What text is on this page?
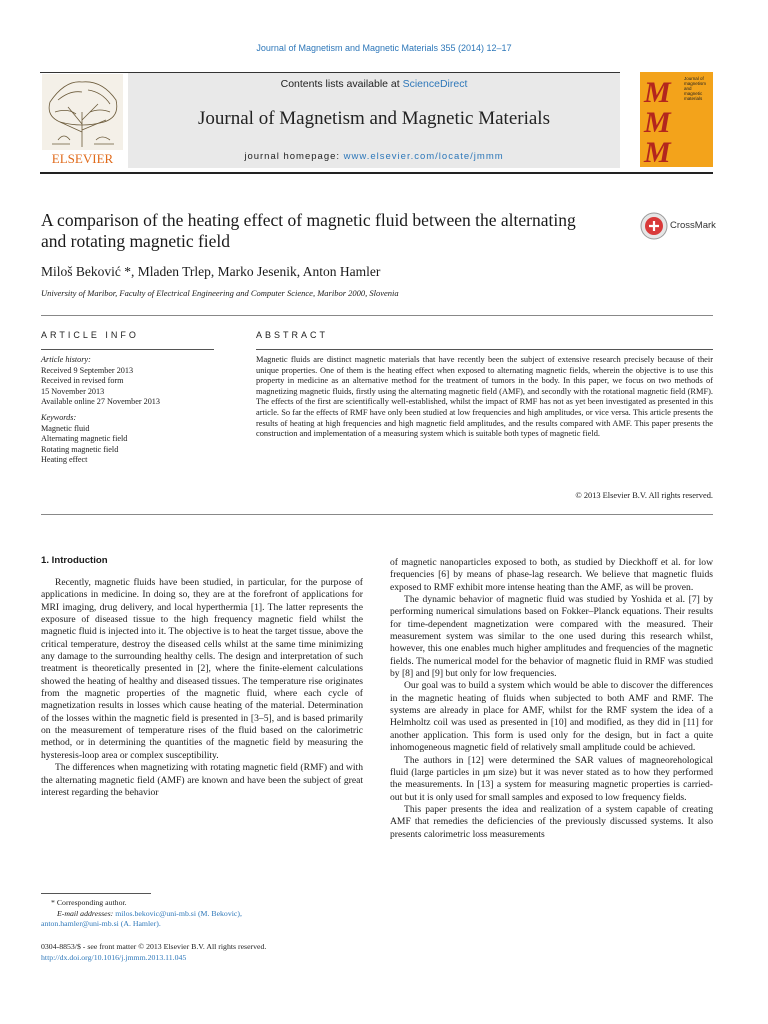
Journal of Magnetism and Magnetic Materials 355 (2014) 12–17
ELSEVIER
Contents lists available at ScienceDirect
Journal of Magnetism and Magnetic Materials
journal homepage: www.elsevier.com/locate/jmmm
M
M
M
Journal of magnetism and magnetic materials
A comparison of the heating effect of magnetic fluid between the alternating and rotating magnetic field
CrossMark
Miloš Beković *, Mladen Trlep, Marko Jesenik, Anton Hamler
University of Maribor, Faculty of Electrical Engineering and Computer Science, Maribor 2000, Slovenia
ARTICLE INFO
Article history:
Received 9 September 2013
Received in revised form
15 November 2013
Available online 27 November 2013
Keywords:
Magnetic fluid
Alternating magnetic field
Rotating magnetic field
Heating effect
ABSTRACT
Magnetic fluids are distinct magnetic materials that have recently been the subject of extensive research precisely because of their unique properties. One of them is the heating effect when exposed to alternating magnetic fields, wherein the objective is to use this property in medicine as an alternative method for the treatment of tumors in the body. In this paper, we focus on two methods of magnetizing magnetic fluids, firstly using the alternating magnetic field (AMF), and secondly with the rotational magnetic field (RMF). The effects of the first are scientifically well-established, whilst the impact of RMF has not as yet been investigated as presented in this article. So far the effects of RMF have only been studied at low frequencies and high amplitudes, or vice versa. This article presents the results of heating at high frequencies and high magnetic field amplitudes, and the results compared with AMF. This paper presents the construction and implementation of a measuring system which is suitable both types of magnetic field.
© 2013 Elsevier B.V. All rights reserved.
1. Introduction

Recently, magnetic fluids have been studied, in particular, for the purpose of applications in medicine. In doing so, they are at the forefront of applications for MRI imaging, drug delivery, and local hyperthermia [1]. The latter represents the exposure of diseased tissue to the high frequency magnetic field whilst the magnetic fluid is injected into it. The objective is to heat the target tissue, above the critical temperature, destroy the diseased cells whilst at the same time minimizing any damage to the surrounding healthy cells. The design and interpretation of such treatment is theoretically presented in [2], where the finite-element calculations showed the heating of healthy and diseased tissues. The temperature rise originates from the magnetic properties of the magnetic fluid, where each cycle of magnetization results in losses which cause heating of the material. Determination of the losses within the magnetic field is presented in [3–5], and is based primarily on the measurement of temperature rises of the fluid based on the calorimetric method, or in determining the quantities of the magnetic field by measuring the hysteresis-loop area or complex susceptibility.

The differences when magnetizing with rotating magnetic field (RMF) and with the alternating magnetic field (AMF) are known and have been the subject of great interest regarding the behavior

of magnetic nanoparticles exposed to both, as studied by Dieckhoff et al. for low frequencies [6] by means of phase-lag research. We believe that magnetic fluids exposed to RMF exhibit more intense heating than the AMF, as will be proven.

The dynamic behavior of magnetic fluid was studied by Yoshida et al. [7] by performing numerical simulations based on Fokker–Planck equations. Their results for time-dependent magnetization were compared with the measured. Their measurement system was similar to the one used during this research whilst, however, this one enables much higher amplitudes and frequencies of the magnetic fields. The numerical model for the behavior of magnetic fluid in RMF was studied by [8] and [9] but only for low frequencies.

Our goal was to build a system which would be able to discover the differences in the magnetic heating of fluids when subjected to both AMF and RMF. The systems are already in place for AMF, whilst for the RMF system the idea of a Helmholtz coil was used as presented in [10] and modified, as they did in [11] for another application. This form is used only for the design, but in fact a quite inhomogeneous magnetic field of relatively small amplitude could be achieved.

The authors in [12] were determined the SAR values of magneorehological fluid (large particles in μm size) but it was never stated as to how they performed the measurements. In [13] a system for measuring magnetic properties is carried-out but it is only used for small samples and exposed to low frequency fields.

This paper presents the idea and realization of a system capable of creating AMF that remedies the deficiencies of the previously discussed systems. It also presents calorimetric loss measurements

* Corresponding author.
E-mail addresses: milos.bekovic@uni-mb.si (M. Bekovic),
anton.hamler@uni-mb.si (A. Hamler).
0304-8853/$ - see front matter © 2013 Elsevier B.V. All rights reserved.
http://dx.doi.org/10.1016/j.jmmm.2013.11.045
